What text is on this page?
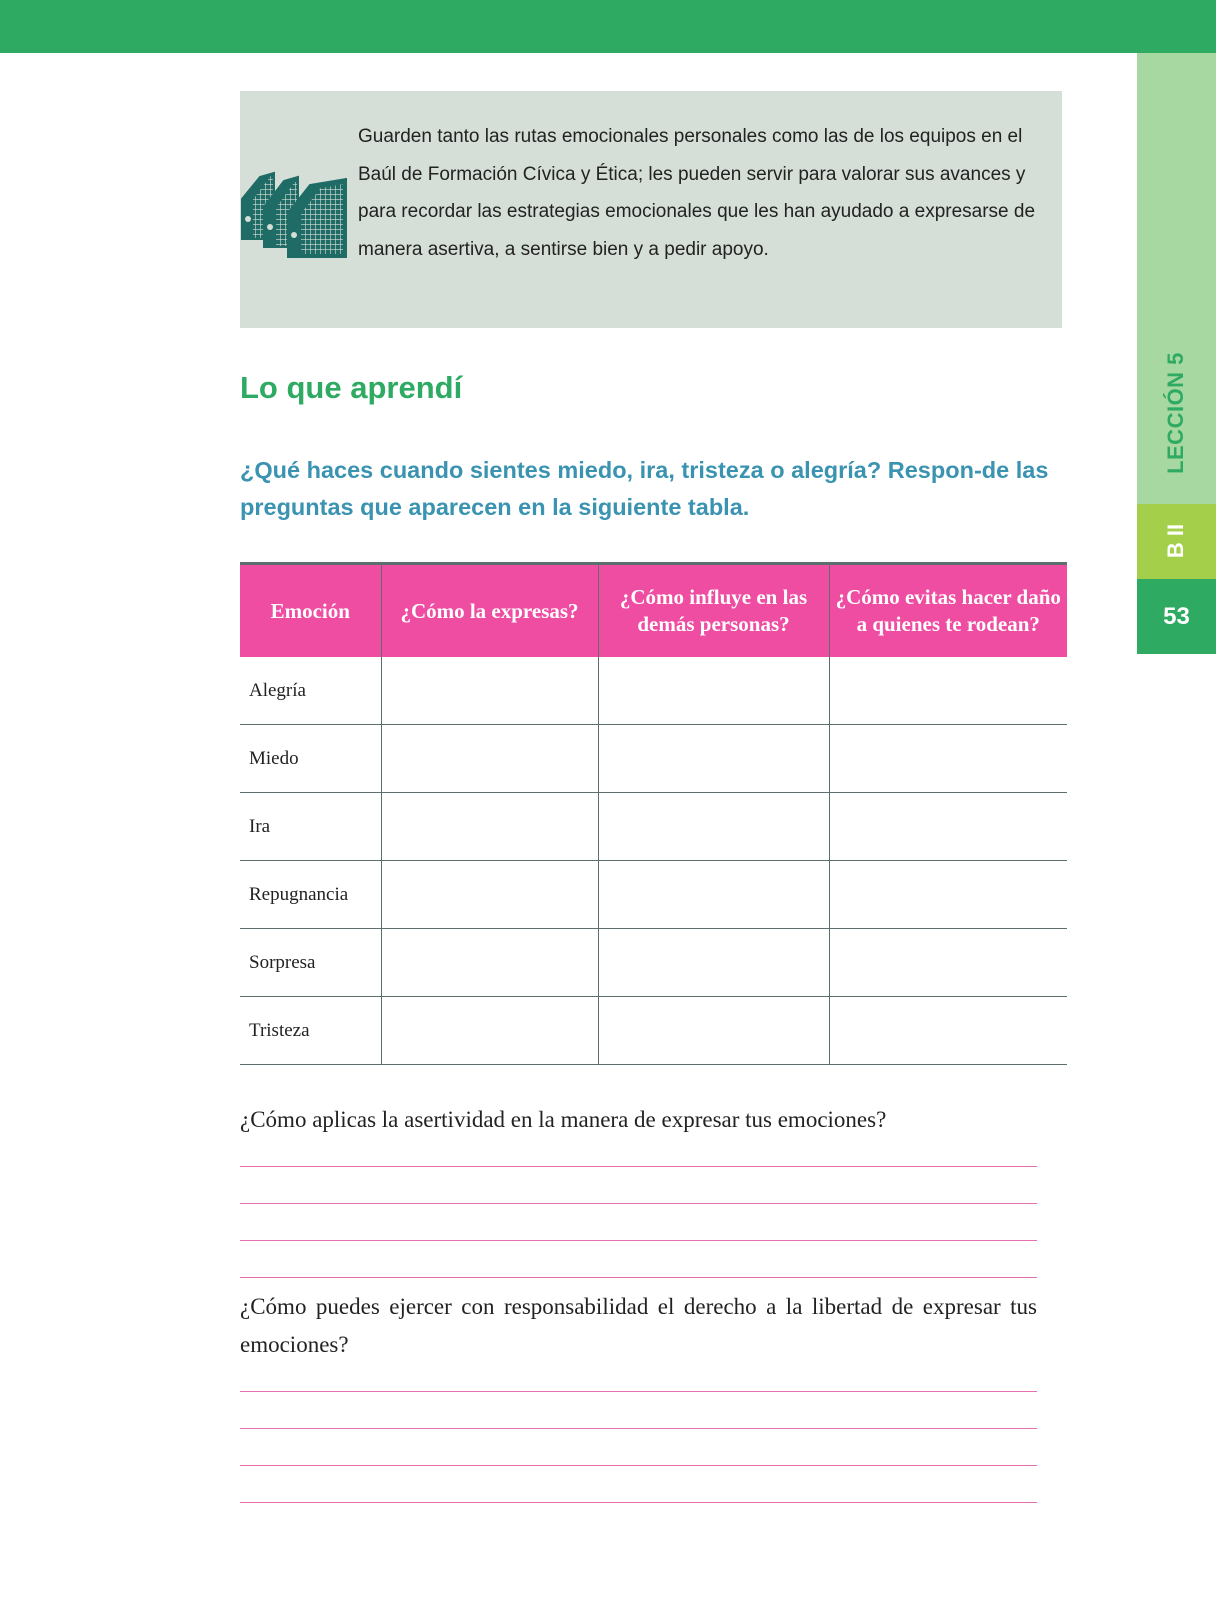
LECCIÓN 5
B II
53
Guarden tanto las rutas emocionales personales como las de los equipos en el Baúl de Formación Cívica y Ética; les pueden servir para valorar sus avances y para recordar las estrategias emocionales que les han ayudado a expresarse de manera asertiva, a sentirse bien y a pedir apoyo.
Lo que aprendí

¿Qué haces cuando sientes miedo, ira, tristeza o alegría? Respon-de las preguntas que aparecen en la siguiente tabla.

Emoción	¿Cómo la expresas?	¿Cómo influye en las demás personas?	¿Cómo evitas hacer daño a quienes te rodean?
Alegría			
Miedo			
Ira			
Repugnancia			
Sorpresa			
Tristeza			

¿Cómo aplicas la asertividad en la manera de expresar tus emociones?

¿Cómo puedes ejercer con responsabilidad el derecho a la libertad de expresar tus emociones?
